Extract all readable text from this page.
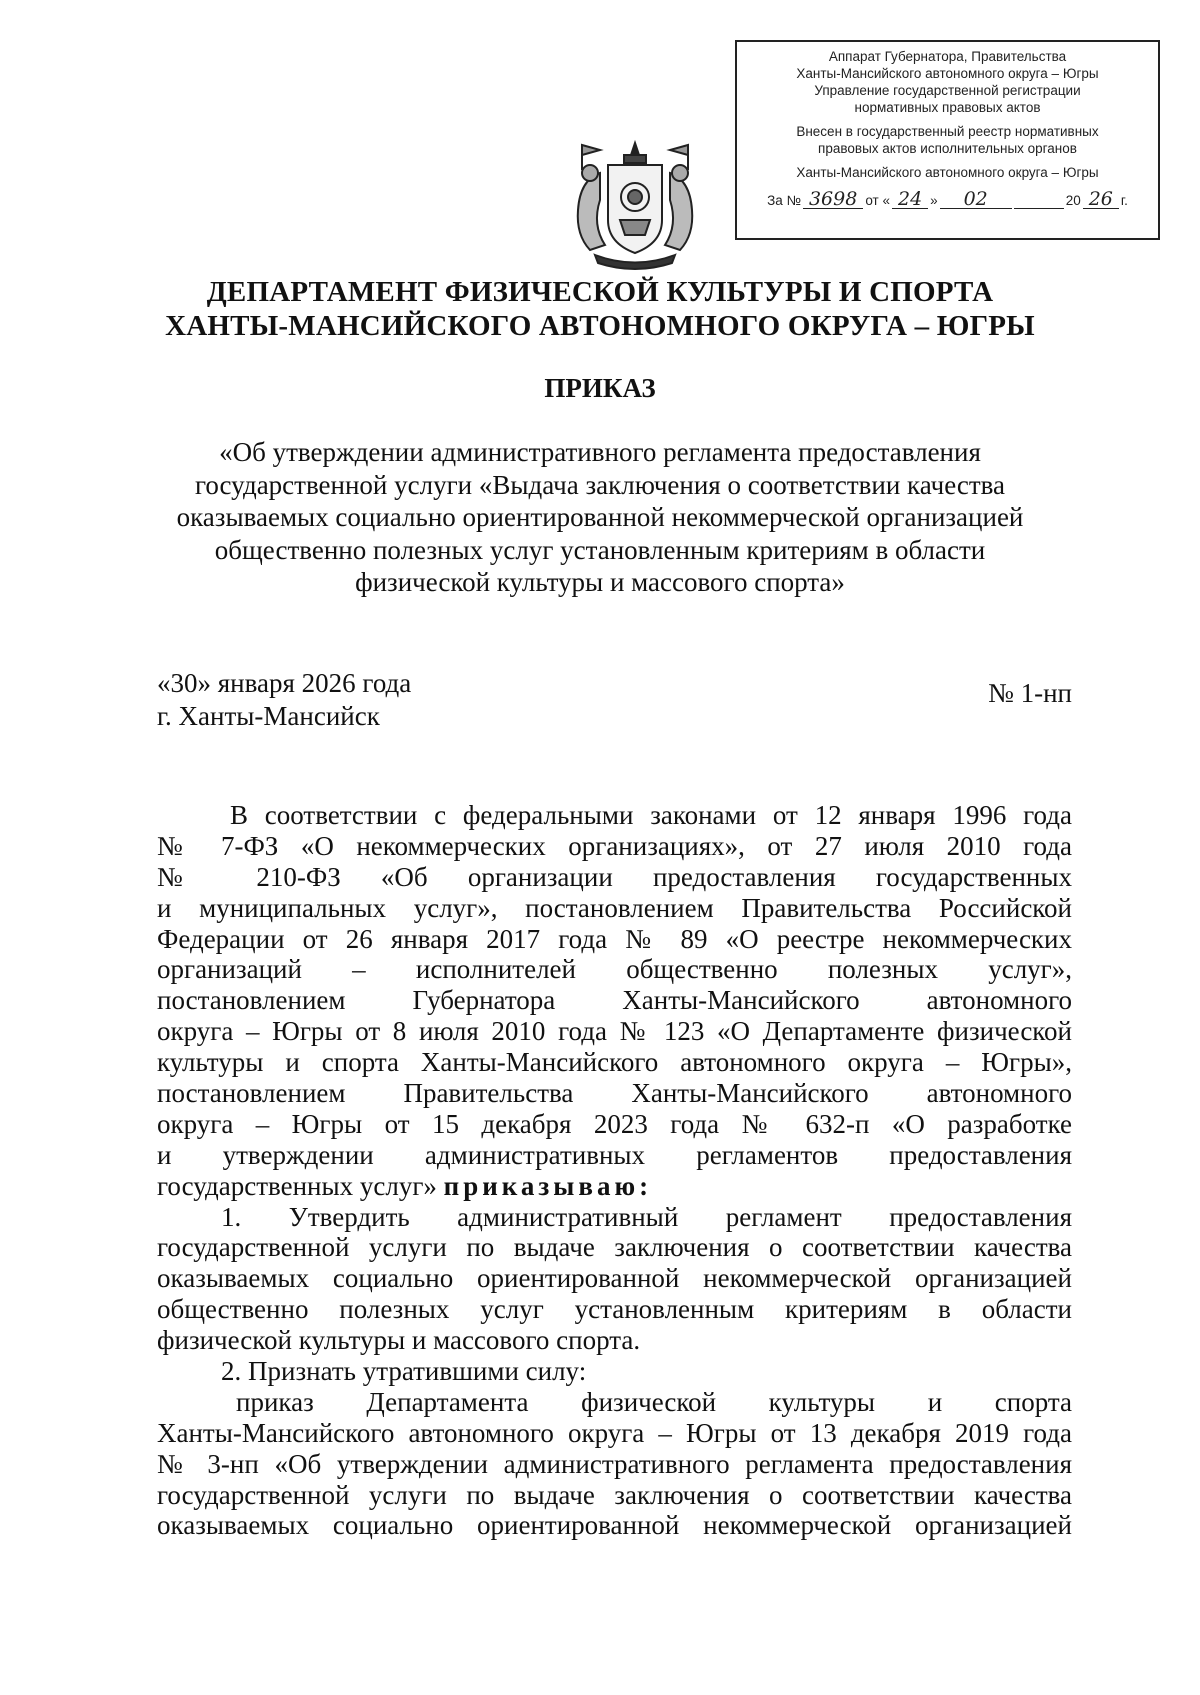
Аппарат Губернатора, Правительства
Ханты-Мансийского автономного округа – Югры
Управление государственной регистрации
нормативных правовых актов
Внесен в государственный реестр нормативных
правовых актов исполнительных органов
Ханты-Мансийского автономного округа – Югры
За № 3698 от « 24 »	02	20 26 г.
ДЕПАРТАМЕНТ ФИЗИЧЕСКОЙ КУЛЬТУРЫ И СПОРТА
ХАНТЫ-МАНСИЙСКОГО АВТОНОМНОГО ОКРУГА – ЮГРЫ
ПРИКАЗ
«Об утверждении административного регламента предоставления
государственной услуги «Выдача заключения о соответствии качества
оказываемых социально ориентированной некоммерческой организацией
общественно полезных услуг установленным критериям в области
физической культуры и массового спорта»
«30» января 2026 года
г. Ханты-Мансийск
№ 1-нп
В соответствии с федеральными законами от 12 января 1996 года
№ 7-ФЗ «О некоммерческих организациях», от 27 июля 2010 года
№ 210-ФЗ «Об организации предоставления государственных
и муниципальных услуг», постановлением Правительства Российской
Федерации от 26 января 2017 года № 89 «О реестре некоммерческих
организаций – исполнителей общественно полезных услуг»,
постановлением Губернатора Ханты-Мансийского автономного
округа – Югры от 8 июля 2010 года № 123 «О Департаменте физической
культуры и спорта Ханты-Мансийского автономного округа – Югры»,
постановлением Правительства Ханты-Мансийского автономного
округа – Югры от 15 декабря 2023 года № 632-п «О разработке
и утверждении административных регламентов предоставления
государственных услуг» приказываю:
1. Утвердить административный регламент предоставления
государственной услуги по выдаче заключения о соответствии качества
оказываемых социально ориентированной некоммерческой организацией
общественно полезных услуг установленным критериям в области
физической культуры и массового спорта.
2. Признать утратившими силу:
приказ Департамента физической культуры и спорта
Ханты-Мансийского автономного округа – Югры от 13 декабря 2019 года
№ 3-нп «Об утверждении административного регламента предоставления
государственной услуги по выдаче заключения о соответствии качества
оказываемых социально ориентированной некоммерческой организацией
